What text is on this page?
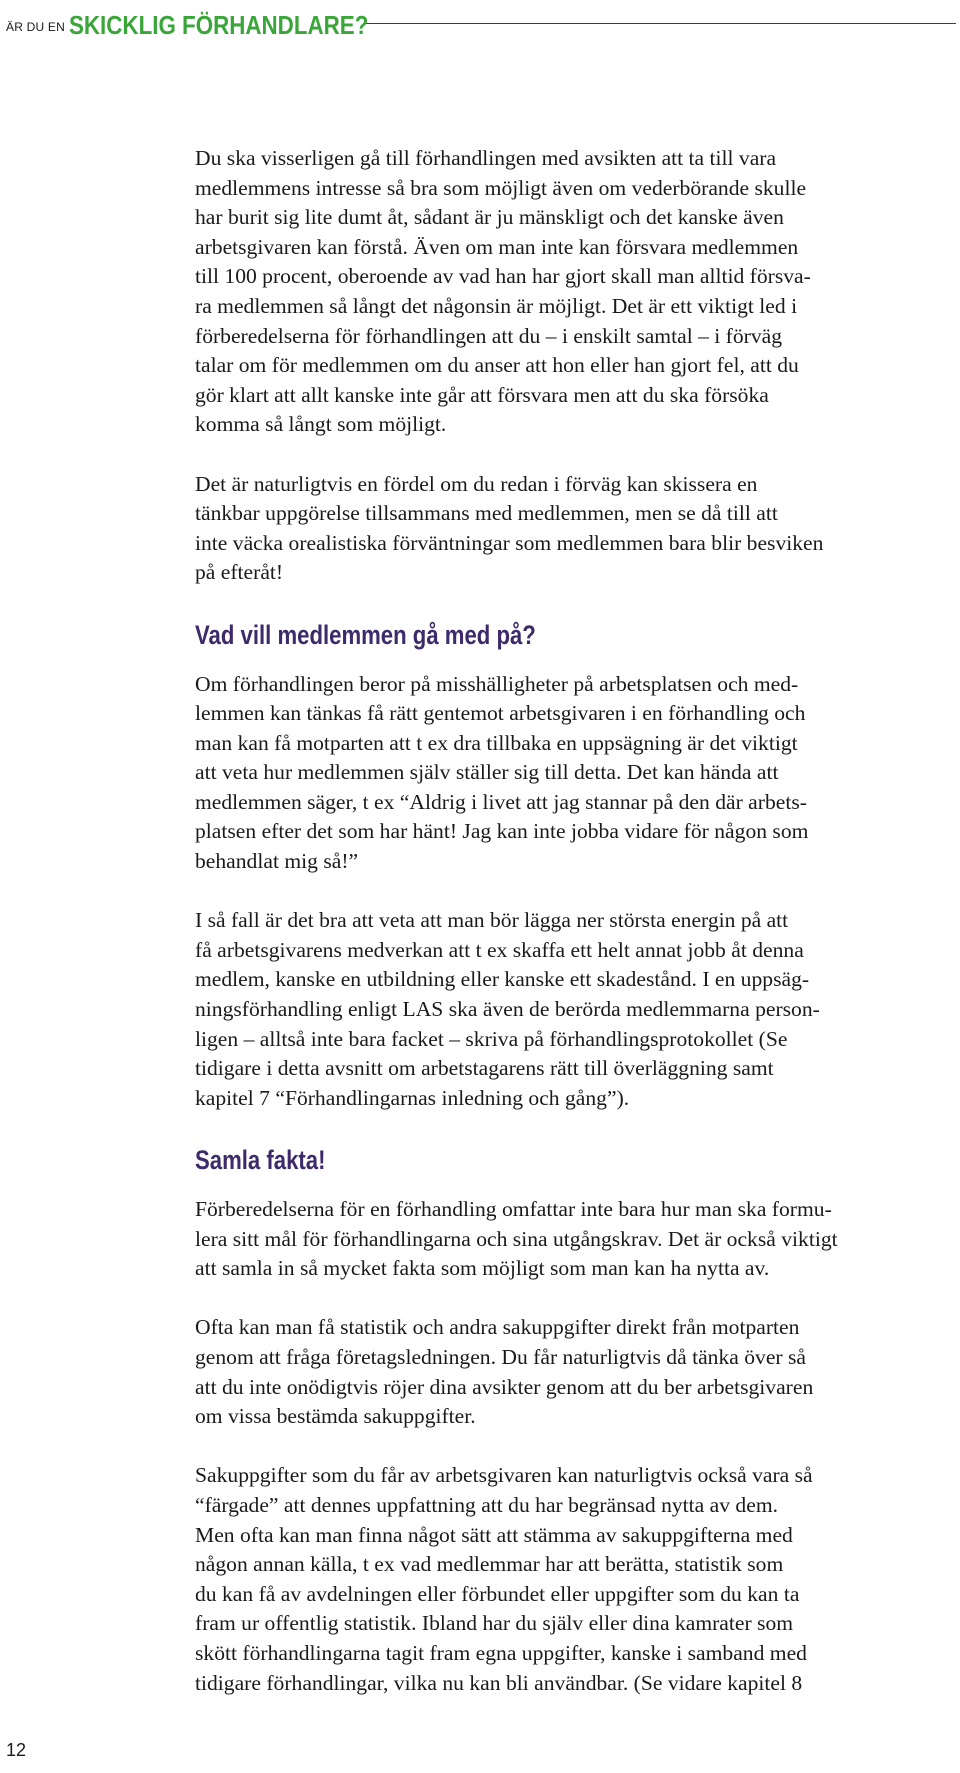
ÄR DU EN SKICKLIG FÖRHANDLARE?

Du ska visserligen gå till förhandlingen med avsikten att ta till vara
medlemmens intresse så bra som möjligt även om vederbörande skulle
har burit sig lite dumt åt, sådant är ju mänskligt och det kanske även
arbetsgivaren kan förstå. Även om man inte kan försvara medlemmen
till 100 procent, oberoende av vad han har gjort skall man alltid försva-
ra medlemmen så långt det någonsin är möjligt. Det är ett viktigt led i
förberedelserna för förhandlingen att du – i enskilt samtal – i förväg
talar om för medlemmen om du anser att hon eller han gjort fel, att du
gör klart att allt kanske inte går att försvara men att du ska försöka
komma så långt som möjligt.

Det är naturligtvis en fördel om du redan i förväg kan skissera en
tänkbar uppgörelse tillsammans med medlemmen, men se då till att
inte väcka orealistiska förväntningar som medlemmen bara blir besviken
på efteråt!

Vad vill medlemmen gå med på?

Om förhandlingen beror på misshälligheter på arbetsplatsen och med-
lemmen kan tänkas få rätt gentemot arbetsgivaren i en förhandling och
man kan få motparten att t ex dra tillbaka en uppsägning är det viktigt
att veta hur medlemmen själv ställer sig till detta. Det kan hända att
medlemmen säger, t ex “Aldrig i livet att jag stannar på den där arbets-
platsen efter det som har hänt! Jag kan inte jobba vidare för någon som
behandlat mig så!”

I så fall är det bra att veta att man bör lägga ner största energin på att
få arbetsgivarens medverkan att t ex skaffa ett helt annat jobb åt denna
medlem, kanske en utbildning eller kanske ett skadestånd. I en uppsäg-
ningsförhandling enligt LAS ska även de berörda medlemmarna person-
ligen – alltså inte bara facket – skriva på förhandlingsprotokollet (Se
tidigare i detta avsnitt om arbetstagarens rätt till överläggning samt
kapitel 7 “Förhandlingarnas inledning och gång”).

Samla fakta!

Förberedelserna för en förhandling omfattar inte bara hur man ska formu-
lera sitt mål för förhandlingarna och sina utgångskrav. Det är också viktigt
att samla in så mycket fakta som möjligt som man kan ha nytta av.

Ofta kan man få statistik och andra sakuppgifter direkt från motparten
genom att fråga företagsledningen. Du får naturligtvis då tänka över så
att du inte onödigtvis röjer dina avsikter genom att du ber arbetsgivaren
om vissa bestämda sakuppgifter.

Sakuppgifter som du får av arbetsgivaren kan naturligtvis också vara så
“färgade” att dennes uppfattning att du har begränsad nytta av dem.
Men ofta kan man finna något sätt att stämma av sakuppgifterna med
någon annan källa, t ex vad medlemmar har att berätta, statistik som
du kan få av avdelningen eller förbundet eller uppgifter som du kan ta
fram ur offentlig statistik. Ibland har du själv eller dina kamrater som
skött förhandlingarna tagit fram egna uppgifter, kanske i samband med
tidigare förhandlingar, vilka nu kan bli användbar. (Se vidare kapitel 8

12
